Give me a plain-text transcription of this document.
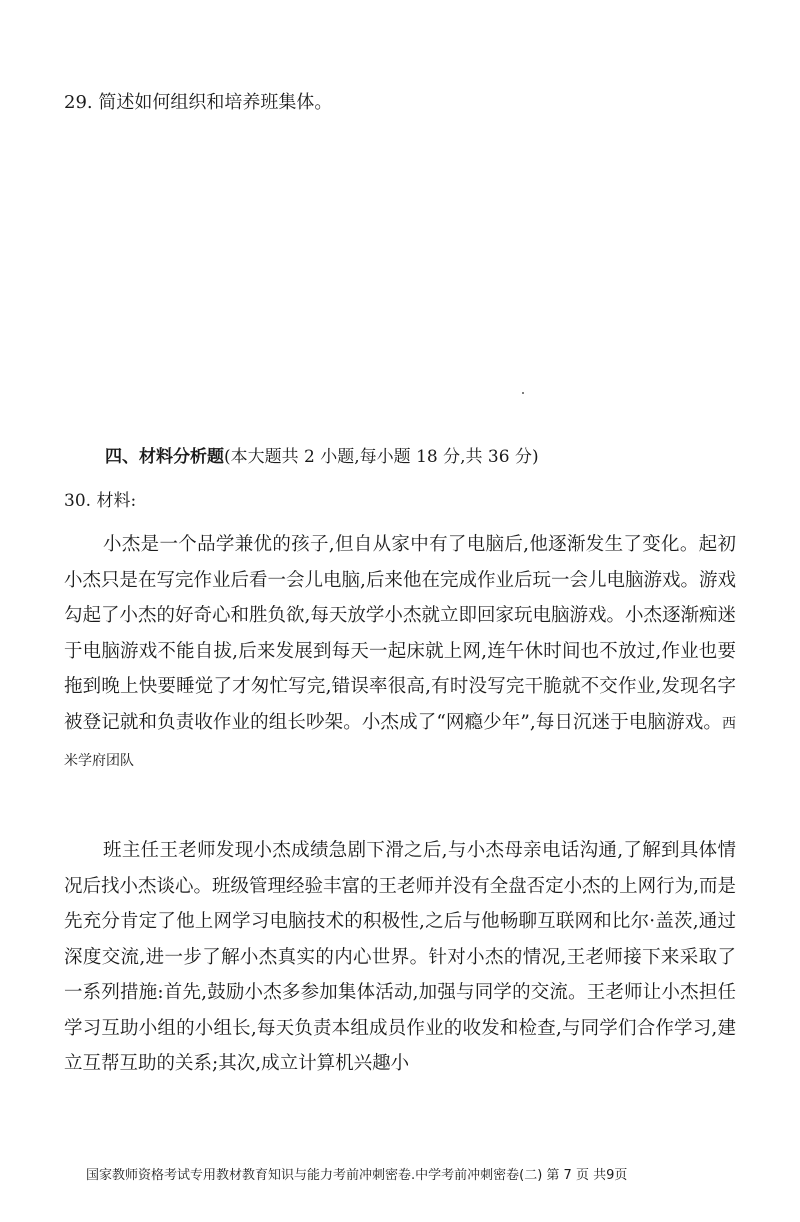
29. 简述如何组织和培养班集体。
四、材料分析题(本大题共 2 小题,每小题 18 分,共 36 分)
30. 材料:

小杰是一个品学兼优的孩子,但自从家中有了电脑后,他逐渐发生了变化。起初小杰只是在写完作业后看一会儿电脑,后来他在完成作业后玩一会儿电脑游戏。游戏勾起了小杰的好奇心和胜负欲,每天放学小杰就立即回家玩电脑游戏。小杰逐渐痴迷于电脑游戏不能自拔,后来发展到每天一起床就上网,连午休时间也不放过,作业也要拖到晚上快要睡觉了才匆忙写完,错误率很高,有时没写完干脆就不交作业,发现名字被登记就和负责收作业的组长吵架。小杰成了“网瘾少年”,每日沉迷于电脑游戏。西米学府团队

班主任王老师发现小杰成绩急剧下滑之后,与小杰母亲电话沟通,了解到具体情况后找小杰谈心。班级管理经验丰富的王老师并没有全盘否定小杰的上网行为,而是先充分肯定了他上网学习电脑技术的积极性,之后与他畅聊互联网和比尔·盖茨,通过深度交流,进一步了解小杰真实的内心世界。针对小杰的情况,王老师接下来采取了一系列措施:首先,鼓励小杰多参加集体活动,加强与同学的交流。王老师让小杰担任学习互助小组的小组长,每天负责本组成员作业的收发和检查,与同学们合作学习,建立互帮互助的关系;其次,成立计算机兴趣小

国家教师资格考试专用教材教育知识与能力考前冲刺密卷.中学考前冲刺密卷(二) 第 7 页 共9页
